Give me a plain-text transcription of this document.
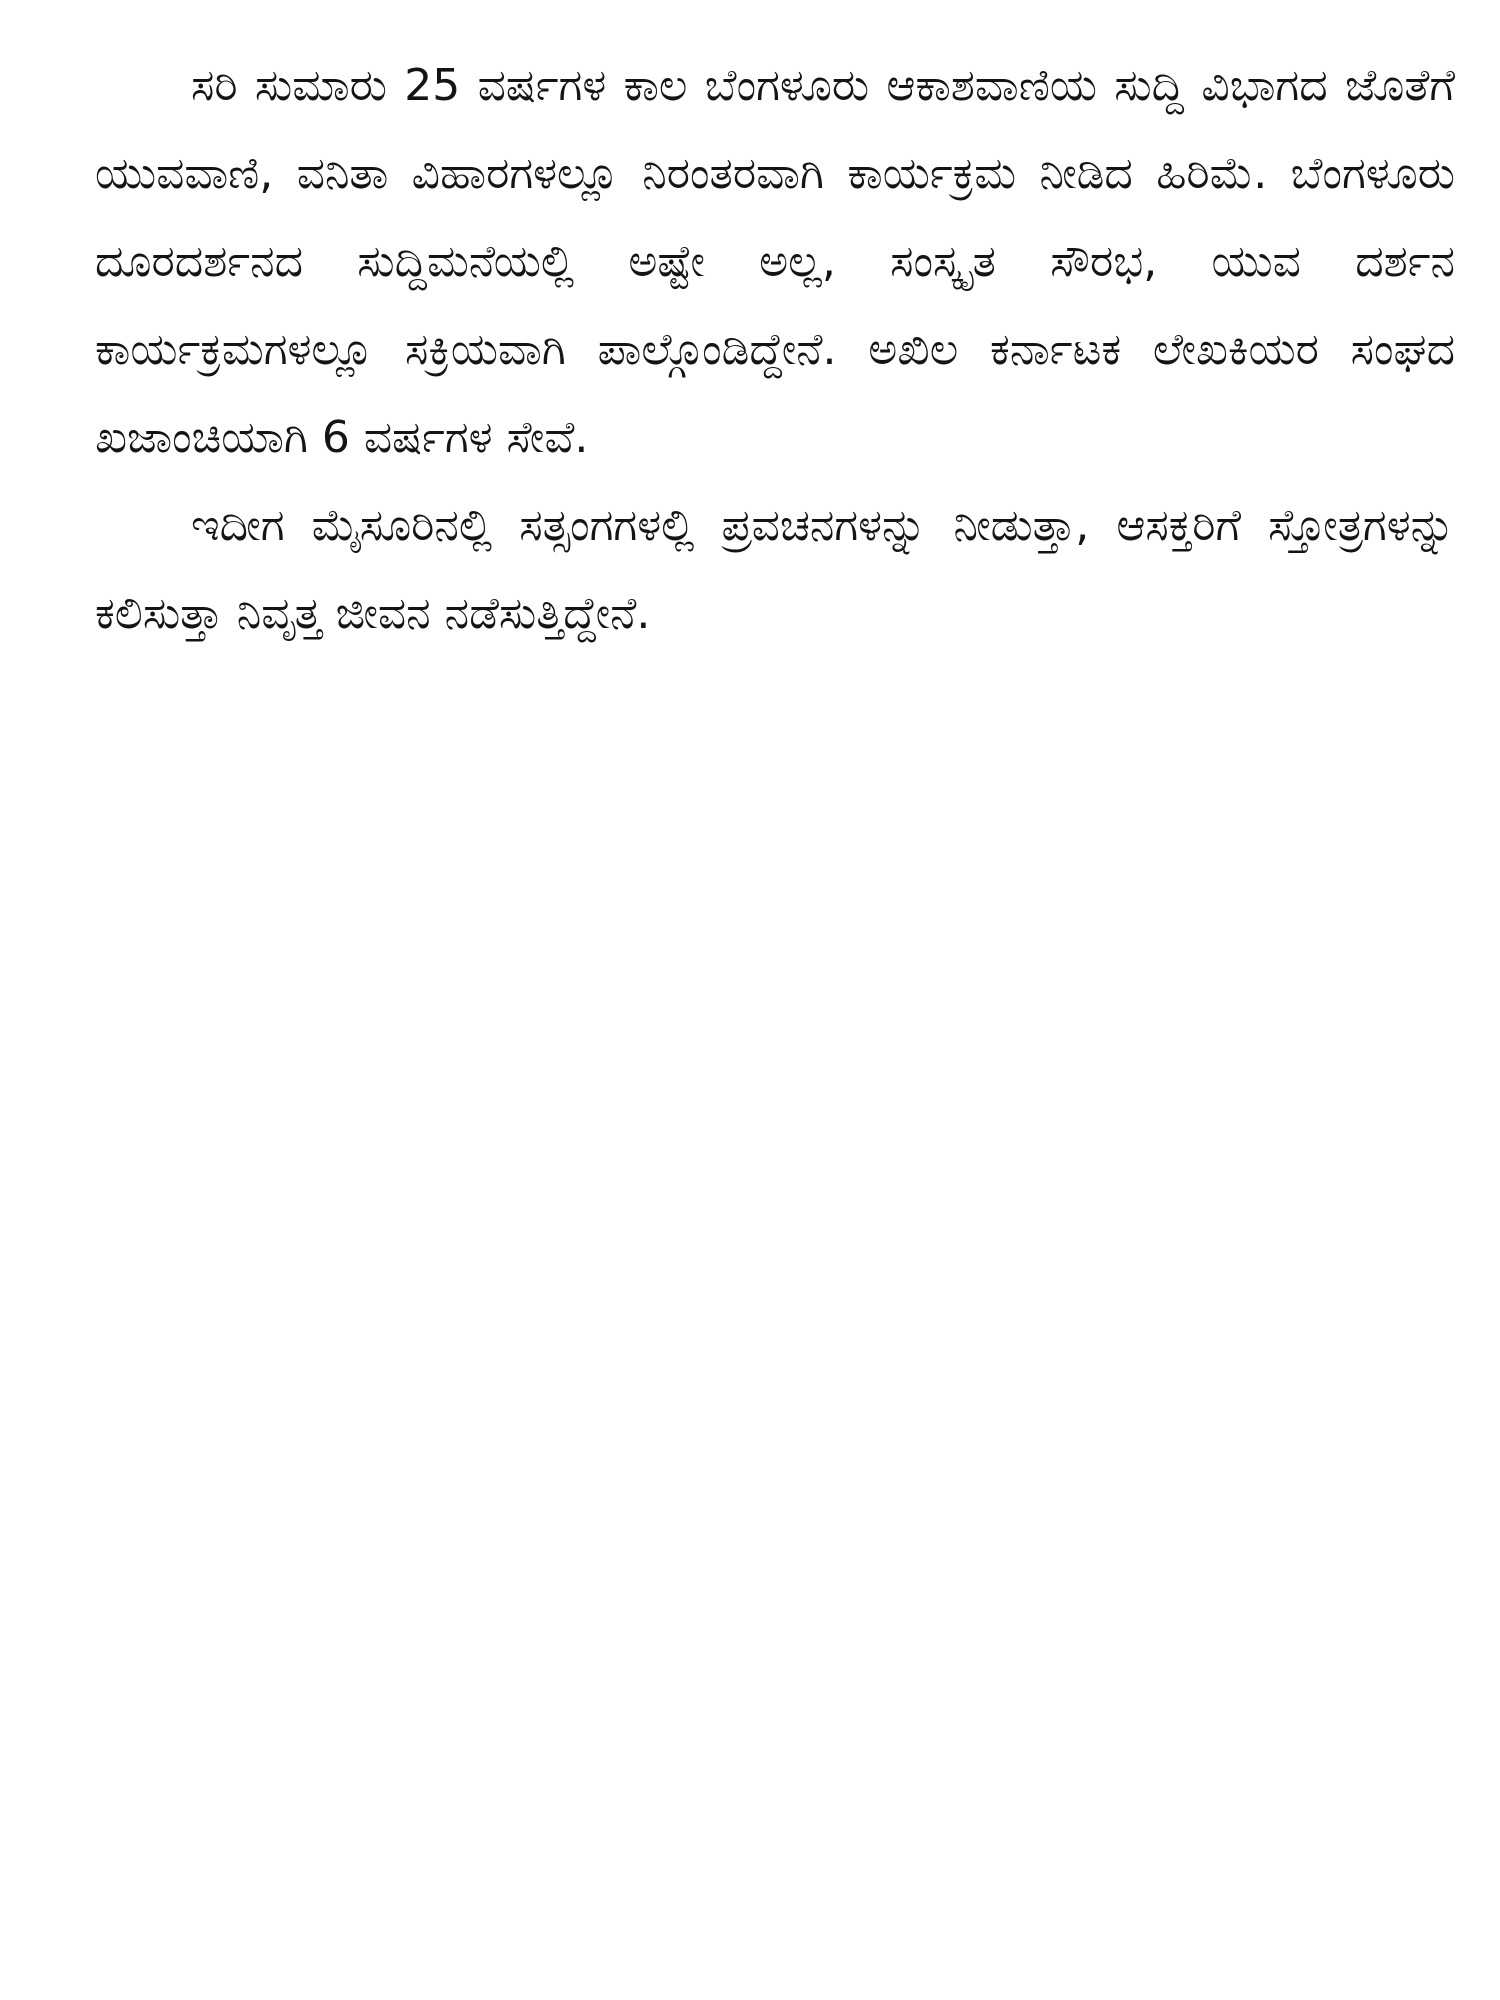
ಸರಿ ಸುಮಾರು 25 ವರ್ಷಗಳ ಕಾಲ ಬೆಂಗಳೂರು ಆಕಾಶವಾಣಿಯ ಸುದ್ದಿ ವಿಭಾಗದ ಜೊತೆಗೆ ಯುವವಾಣಿ, ವನಿತಾ ವಿಹಾರಗಳಲ್ಲೂ ನಿರಂತರವಾಗಿ ಕಾರ್ಯಕ್ರಮ ನೀಡಿದ ಹಿರಿಮೆ. ಬೆಂಗಳೂರು ದೂರದರ್ಶನದ ಸುದ್ದಿಮನೆಯಲ್ಲಿ ಅಷ್ಟೇ ಅಲ್ಲ, ಸಂಸ್ಕೃತ ಸೌರಭ, ಯುವ ದರ್ಶನ ಕಾರ್ಯಕ್ರಮಗಳಲ್ಲೂ ಸಕ್ರಿಯವಾಗಿ ಪಾಲ್ಗೊಂಡಿದ್ದೇನೆ. ಅಖಿಲ ಕರ್ನಾಟಕ ಲೇಖಕಿಯರ ಸಂಘದ ಖಜಾಂಚಿಯಾಗಿ 6 ವರ್ಷಗಳ ಸೇವೆ.

ಇದೀಗ ಮೈಸೂರಿನಲ್ಲಿ ಸತ್ಸಂಗಗಳಲ್ಲಿ ಪ್ರವಚನಗಳನ್ನು ನೀಡುತ್ತಾ, ಆಸಕ್ತರಿಗೆ ಸ್ತೋತ್ರಗಳನ್ನು ಕಲಿಸುತ್ತಾ ನಿವೃತ್ತ ಜೀವನ ನಡೆಸುತ್ತಿದ್ದೇನೆ.
